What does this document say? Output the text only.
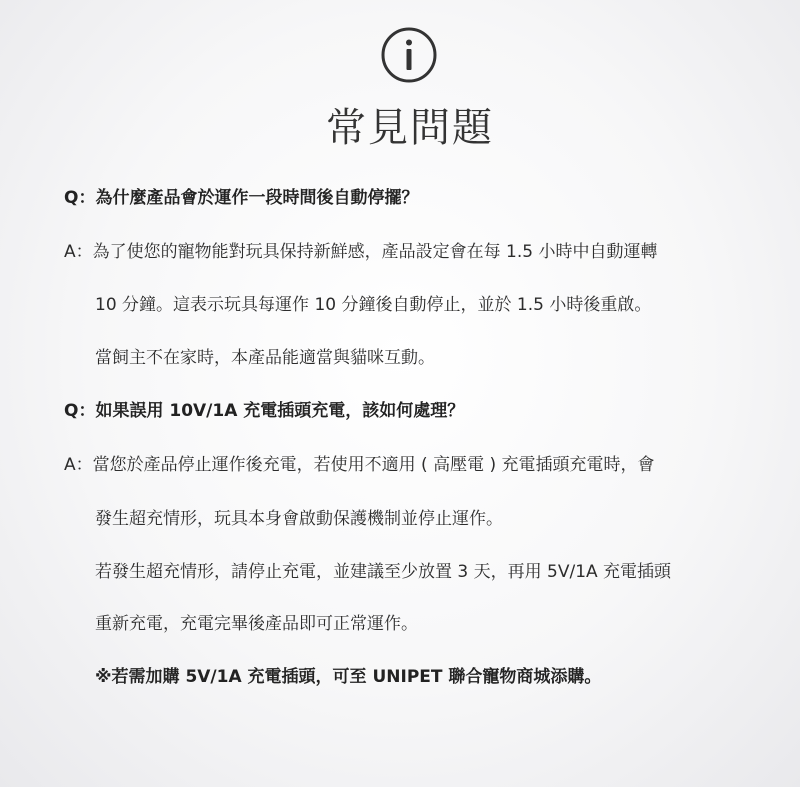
常見問題
Q：為什麼產品會於運作一段時間後自動停擺？
A：為了使您的寵物能對玩具保持新鮮感，產品設定會在每 1.5 小時中自動運轉
10 分鐘。這表示玩具每運作 10 分鐘後自動停止，並於 1.5 小時後重啟。
當飼主不在家時，本產品能適當與貓咪互動。
Q：如果誤用 10V/1A 充電插頭充電，該如何處理？
A：當您於產品停止運作後充電，若使用不適用 ( 高壓電 ) 充電插頭充電時，會
發生超充情形，玩具本身會啟動保護機制並停止運作。
若發生超充情形，請停止充電，並建議至少放置 3 天，再用 5V/1A 充電插頭
重新充電，充電完畢後產品即可正常運作。
※若需加購 5V/1A 充電插頭，可至 UNIPET 聯合寵物商城添購。
